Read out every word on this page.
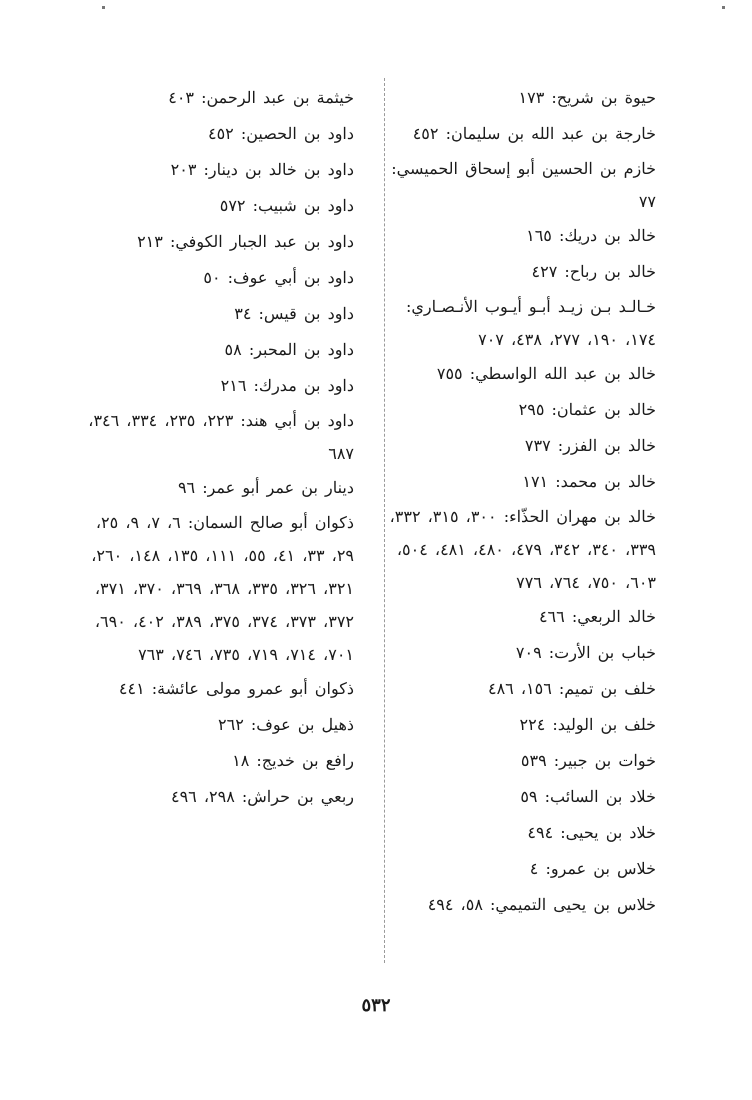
حيوة بن شريح: ١٧٣
خارجة بن عبد الله بن سليمان: ٤٥٢
خازم بن الحسين أبو إسحاق الحميسي: ٧٧
خالد بن دريك: ١٦٥
خالد بن رباح: ٤٢٧
خـالـد بـن زيـد أبـو أيـوب الأنـصـاري: ١٧٤، ١٩٠، ٢٧٧، ٤٣٨، ٧٠٧
خالد بن عبد الله الواسطي: ٧٥٥
خالد بن عثمان: ٢٩٥
خالد بن الفزر: ٧٣٧
خالد بن محمد: ١٧١
خالد بن مهران الحذّاء: ٣٠٠، ٣١٥، ٣٣٢، ٣٣٩، ٣٤٠، ٣٤٢، ٤٧٩، ٤٨٠، ٤٨١، ٥٠٤، ٦٠٣، ٧٥٠، ٧٦٤، ٧٧٦
خالد الربعي: ٤٦٦
خباب بن الأرت: ٧٠٩
خلف بن تميم: ١٥٦، ٤٨٦
خلف بن الوليد: ٢٢٤
خوات بن جبير: ٥٣٩
خلاد بن السائب: ٥٩
خلاد بن يحيى: ٤٩٤
خلاس بن عمرو: ٤
خلاس بن يحيى التميمي: ٥٨، ٤٩٤
خيثمة بن عبد الرحمن: ٤٠٣
داود بن الحصين: ٤٥٢
داود بن خالد بن دينار: ٢٠٣
داود بن شبيب: ٥٧٢
داود بن عبد الجبار الكوفي: ٢١٣
داود بن أبي عوف: ٥٠
داود بن قيس: ٣٤
داود بن المحبر: ٥٨
داود بن مدرك: ٢١٦
داود بن أبي هند: ٢٢٣، ٢٣٥، ٣٣٤، ٣٤٦، ٦٨٧
دينار بن عمر أبو عمر: ٩٦
ذكوان أبو صالح السمان: ٦، ٧، ٩، ٢٥، ٢٩، ٣٣، ٤١، ٥٥، ١١١، ١٣٥، ١٤٨، ٢٦٠، ٣٢١، ٣٢٦، ٣٣٥، ٣٦٨، ٣٦٩، ٣٧٠، ٣٧١، ٣٧٢، ٣٧٣، ٣٧٤، ٣٧٥، ٣٨٩، ٤٠٢، ٦٩٠، ٧٠١، ٧١٤، ٧١٩، ٧٣٥، ٧٤٦، ٧٦٣
ذكوان أبو عمرو مولى عائشة: ٤٤١
ذهيل بن عوف: ٢٦٢
رافع بن خديج: ١٨
ربعي بن حراش: ٢٩٨، ٤٩٦
٥٣٢
